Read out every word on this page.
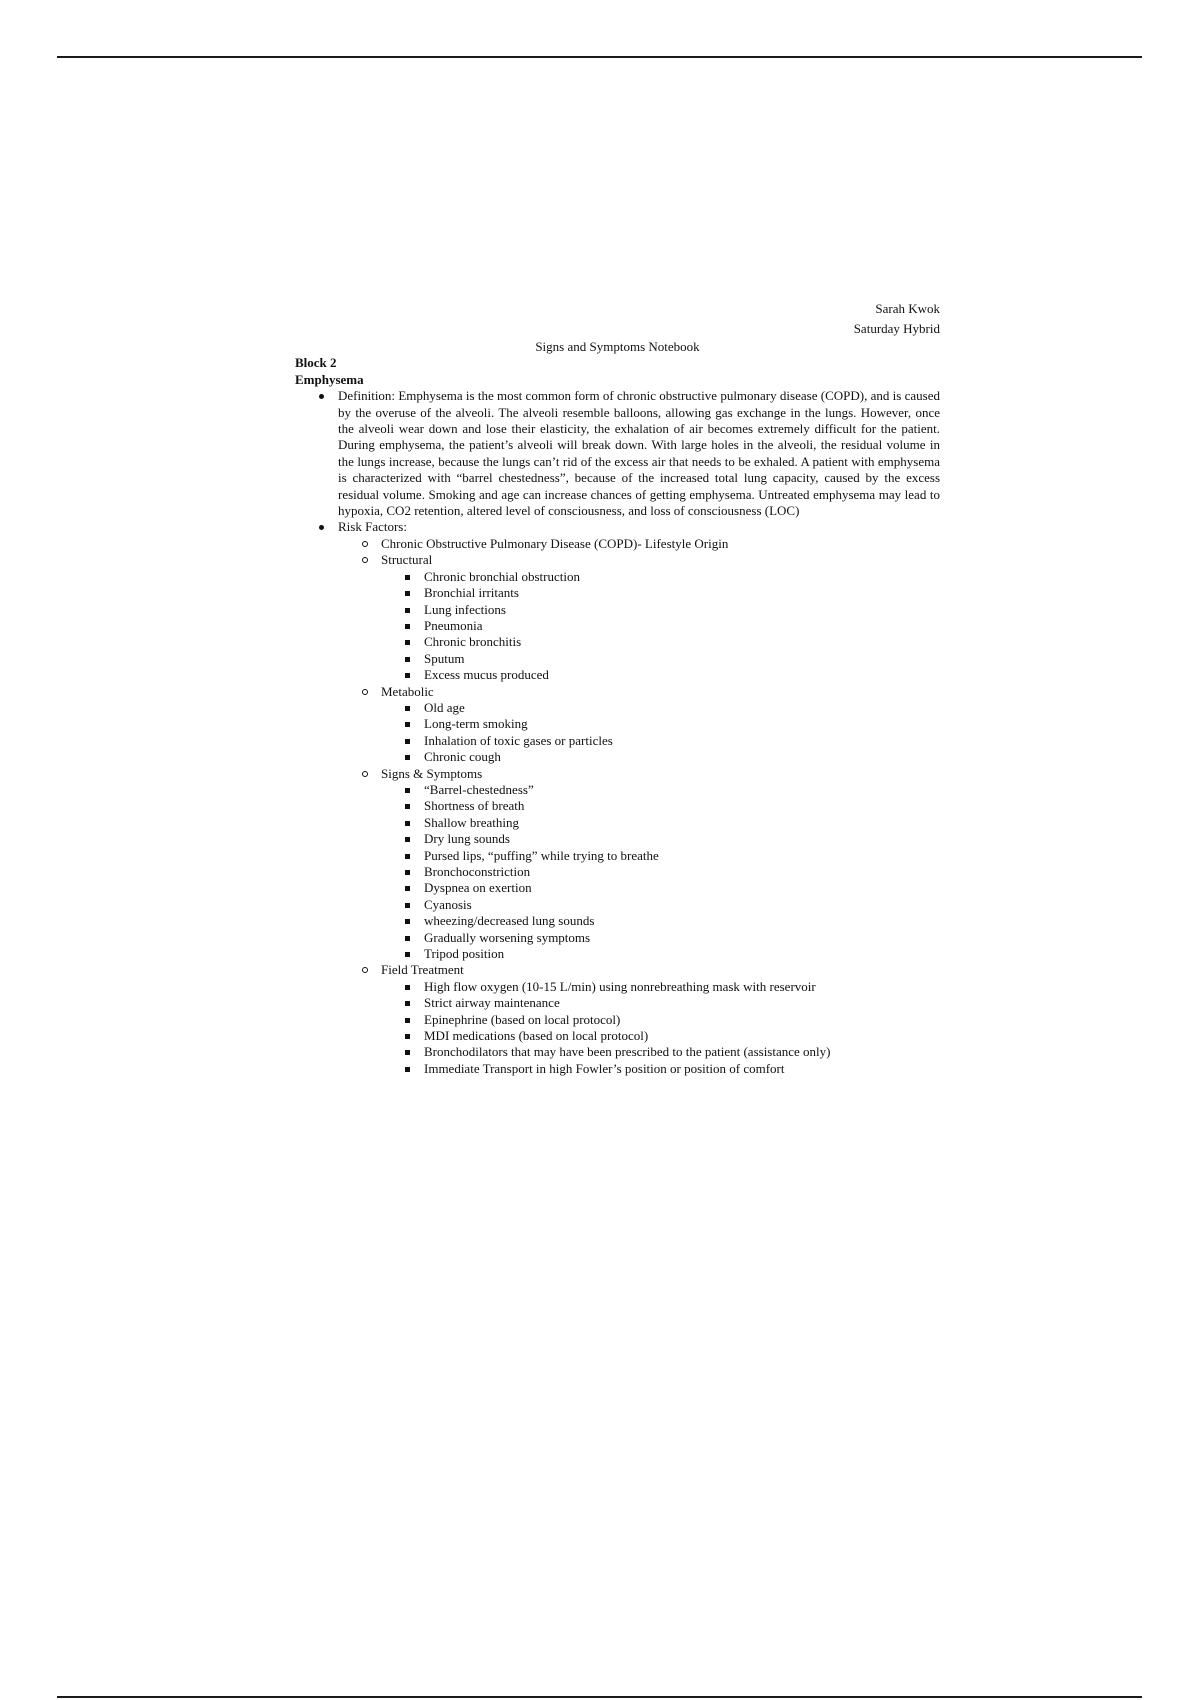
Sarah Kwok
Saturday Hybrid
Signs and Symptoms Notebook
Block 2
Emphysema
Definition: Emphysema is the most common form of chronic obstructive pulmonary disease (COPD), and is caused by the overuse of the alveoli. The alveoli resemble balloons, allowing gas exchange in the lungs. However, once the alveoli wear down and lose their elasticity, the exhalation of air becomes extremely difficult for the patient. During emphysema, the patient’s alveoli will break down. With large holes in the alveoli, the residual volume in the lungs increase, because the lungs can’t rid of the excess air that needs to be exhaled. A patient with emphysema is characterized with “barrel chestedness”, because of the increased total lung capacity, caused by the excess residual volume. Smoking and age can increase chances of getting emphysema. Untreated emphysema may lead to hypoxia, CO2 retention, altered level of consciousness, and loss of consciousness (LOC)
Risk Factors:
Chronic Obstructive Pulmonary Disease (COPD)- Lifestyle Origin
Structural
Chronic bronchial obstruction
Bronchial irritants
Lung infections
Pneumonia
Chronic bronchitis
Sputum
Excess mucus produced
Metabolic
Old age
Long-term smoking
Inhalation of toxic gases or particles
Chronic cough
Signs & Symptoms
“Barrel-chestedness”
Shortness of breath
Shallow breathing
Dry lung sounds
Pursed lips, “puffing” while trying to breathe
Bronchoconstriction
Dyspnea on exertion
Cyanosis
wheezing/decreased lung sounds
Gradually worsening symptoms
Tripod position
Field Treatment
High flow oxygen (10-15 L/min) using nonrebreathing mask with reservoir
Strict airway maintenance
Epinephrine (based on local protocol)
MDI medications (based on local protocol)
Bronchodilators that may have been prescribed to the patient (assistance only)
Immediate Transport in high Fowler’s position or position of comfort
